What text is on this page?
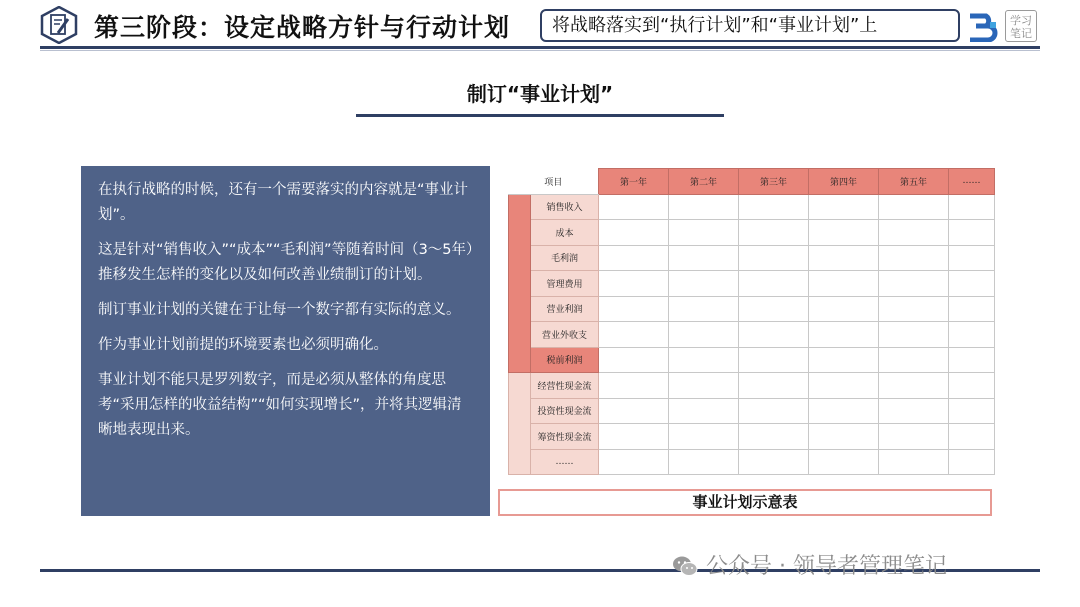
第三阶段：设定战略方针与行动计划	将战略落实到“执行计划”和“事业计划”上	学习
笔记
制订“事业计划”

在执行战略的时候，还有一个需要落实的内容就是“事业计划”。

这是针对“销售收入”“成本”“毛利润”等随着时间（3～5年）推移发生怎样的变化以及如何改善业绩制订的计划。

制订事业计划的关键在于让每一个数字都有实际的意义。

作为事业计划前提的环境要素也必须明确化。

事业计划不能只是罗列数字，而是必须从整体的角度思考“采用怎样的收益结构”“如何实现增长”，并将其逻辑清晰地表现出来。

项目		第一年	第二年	第三年	第四年	第五年	……
	销售收入						
	成本						
	毛利润						
	管理费用						
	营业利润						
	营业外收支						
	税前利润						
	经营性现金流						
	投资性现金流						
	筹资性现金流						
	……						
事业计划示意表
公众号 · 领导者管理笔记
